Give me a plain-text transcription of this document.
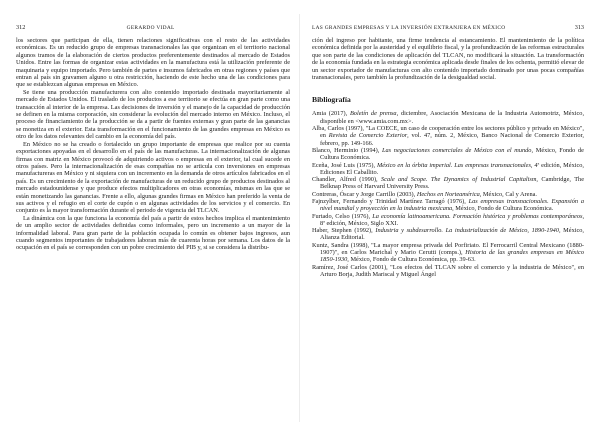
312	GERARDO VIDAL

los sectores que participan de ella, tienen relaciones significativas con el resto de las actividades económicas. Es un reducido grupo de empresas transnacionales las que organizan en el territorio nacional algunos tramos de la elaboración de ciertos productos preferentemente destinados al mercado de Estados Unidos. Entre las formas de organizar estas actividades en la manufactura está la utilización preferente de maquinaria y equipo importado. Pero también de partes e insumos fabricados en otras regiones y países que entran al país sin gravamen alguno u otra restricción, haciendo de este hecho una de las condiciones para que se establezcan algunas empresas en México.

Se tiene una producción manufacturera con alto contenido importado destinada mayoritariamente al mercado de Estados Unidos. El traslado de los productos a ese territorio se efectúa en gran parte como una transacción al interior de la empresa. Las decisiones de inversión y el manejo de la capacidad de producción se definen en la misma corporación, sin considerar la evolución del mercado interno en México. Incluso, el proceso de financiamiento de la producción se da a partir de fuentes externas y gran parte de las ganancias se monetiza en el exterior. Esta transformación en el funcionamiento de las grandes empresas en México es otro de los datos relevantes del cambio en la economía del país.

En México no se ha creado o fortalecido un grupo importante de empresas que realice por su cuenta exportaciones apoyadas en el desarrollo en el país de las manufacturas. La internacionalización de algunas firmas con matriz en México provocó de adquiriendo activos o empresas en el exterior, tal cual sucede en otros países. Pero la internacionalización de esas compañías no se articula con inversiones en empresas manufactureras en México y ni siquiera con un incremento en la demanda de otros artículos fabricados en el país. Es un crecimiento de la exportación de manufacturas de un reducido grupo de productos destinados al mercado estadounidense y que produce efectos multiplicadores en otras economías, mismas en las que se están monetizando las ganancias. Frente a ello, algunas grandes firmas en México han preferido la venta de sus activos y el refugio en el corte de cupón o en algunas actividades de los servicios y el comercio. En conjunto es la mayor transformación durante el periodo de vigencia del TLCAN.

La dinámica con la que funciona la economía del país a partir de estos hechos implica el mantenimiento de un amplio sector de actividades definidas como informales, pero un incremento a un mayor de la informalidad laboral. Para gran parte de la población ocupada lo común es obtener bajos ingresos, aun cuando segmentos importantes de trabajadores laboran más de cuarenta horas por semana. Los datos de la ocupación en el país se corresponden con un pobre crecimiento del PIB y, si se considera la distribu-

LAS GRANDES EMPRESAS Y LA INVERSIÓN EXTRANJERA EN MÉXICO	313

ción del ingreso por habitante, una firme tendencia al estancamiento. El mantenimiento de la política económica definida por la austeridad y el equilibrio fiscal, y la profundización de las reformas estructurales que son parte de las condiciones de aplicación del TLCAN, no modificará la situación. La transformación de la economía fundada en la estrategia económica aplicada desde finales de los ochenta, permitió elevar de un sector exportador de manufacturas con alto contenido importado dominado por unas pocas compañías transnacionales, pero también la profundización de la desigualdad social.

Bibliografía

Amia (2017), Boletín de prensa, diciembre, Asociación Mexicana de la Industria Automotriz, México, disponible en <www.amia.com.mx>.

Alba, Carlos (1997), "La COECE, un caso de cooperación entre los sectores público y privado en México", en Revista de Comercio Exterior, vol. 47, núm. 2, México, Banco Nacional de Comercio Exterior, febrero, pp. 149-166.

Blanco, Herminio (1994), Las negociaciones comerciales de México con el mundo, México, Fondo de Cultura Económica.

Eceña, José Luis (1975), México en la órbita imperial. Las empresas transnacionales, 4ª edición, México, Ediciones El Caballito.

Chandler, Alfred (1990), Scale and Scope. The Dynamics of Industrial Capitalism, Cambridge, The Belknap Press of Harvard University Press.

Contreras, Óscar y Jorge Carrillo (2003), Hechos en Norteamérica, México, Cal y Arena.

Fajnzylber, Fernando y Trinidad Martínez Tarragó (1976), Las empresas transnacionales. Expansión a nivel mundial y proyección en la industria mexicana, México, Fondo de Cultura Económica.

Furtado, Celso (1976), La economía latinoamericana. Formación histórica y problemas contemporáneos, 8ª edición, México, Siglo XXI.

Haber, Stephen (1992), Industria y subdesarrollo. La industrialización de México, 1890-1940, México, Alianza Editorial.

Kuntz, Sandra (1998), "La mayor empresa privada del Porfiriato. El Ferrocarril Central Mexicano (1880-1907)", en Carlos Marichal y Mario Cerutti (comps.), Historia de las grandes empresas en México 1850-1930, México, Fondo de Cultura Económica, pp. 39-63.

Ramírez, José Carlos (2001), "Los efectos del TLCAN sobre el comercio y la industria de México", en Arturo Borja, Judith Mariscal y Miguel Ángel
